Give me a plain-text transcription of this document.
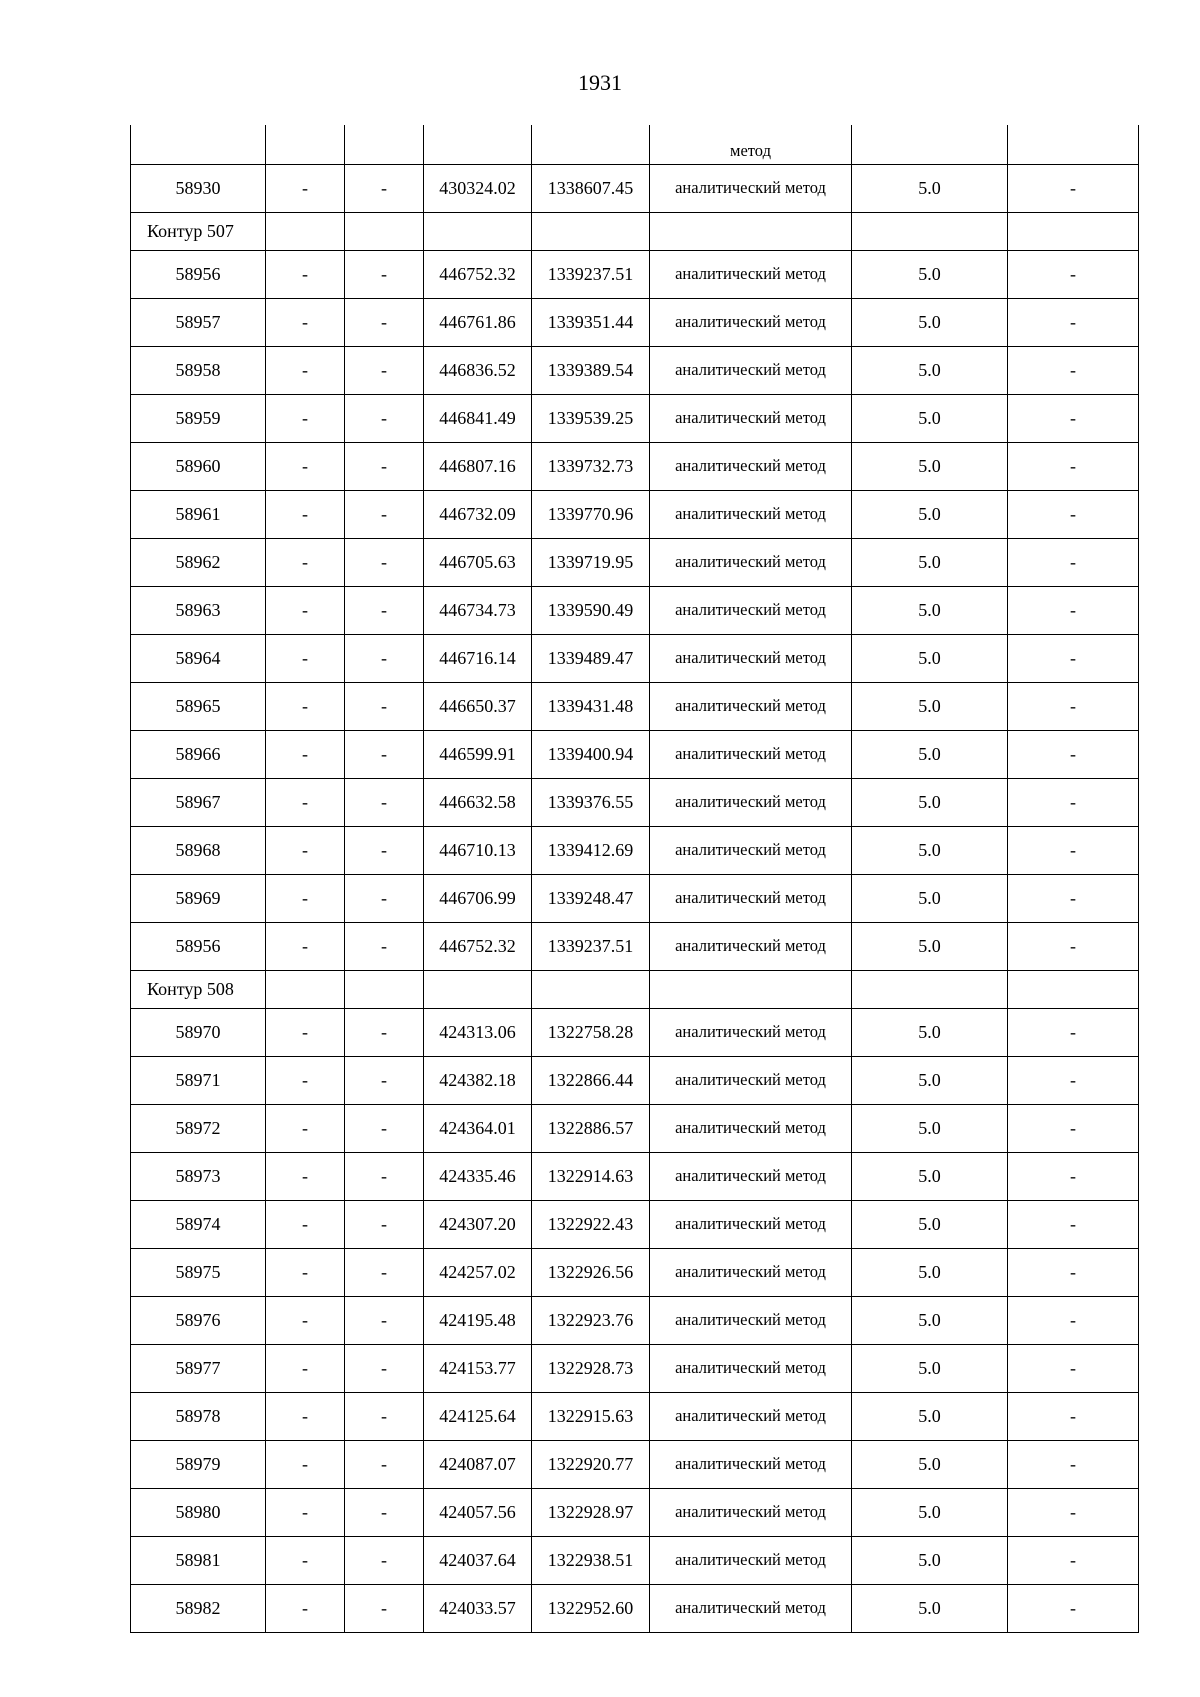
1931
					метод		
58930	-	-	430324.02	1338607.45	аналитический метод	5.0	-
Контур 507							
58956	-	-	446752.32	1339237.51	аналитический метод	5.0	-
58957	-	-	446761.86	1339351.44	аналитический метод	5.0	-
58958	-	-	446836.52	1339389.54	аналитический метод	5.0	-
58959	-	-	446841.49	1339539.25	аналитический метод	5.0	-
58960	-	-	446807.16	1339732.73	аналитический метод	5.0	-
58961	-	-	446732.09	1339770.96	аналитический метод	5.0	-
58962	-	-	446705.63	1339719.95	аналитический метод	5.0	-
58963	-	-	446734.73	1339590.49	аналитический метод	5.0	-
58964	-	-	446716.14	1339489.47	аналитический метод	5.0	-
58965	-	-	446650.37	1339431.48	аналитический метод	5.0	-
58966	-	-	446599.91	1339400.94	аналитический метод	5.0	-
58967	-	-	446632.58	1339376.55	аналитический метод	5.0	-
58968	-	-	446710.13	1339412.69	аналитический метод	5.0	-
58969	-	-	446706.99	1339248.47	аналитический метод	5.0	-
58956	-	-	446752.32	1339237.51	аналитический метод	5.0	-
Контур 508							
58970	-	-	424313.06	1322758.28	аналитический метод	5.0	-
58971	-	-	424382.18	1322866.44	аналитический метод	5.0	-
58972	-	-	424364.01	1322886.57	аналитический метод	5.0	-
58973	-	-	424335.46	1322914.63	аналитический метод	5.0	-
58974	-	-	424307.20	1322922.43	аналитический метод	5.0	-
58975	-	-	424257.02	1322926.56	аналитический метод	5.0	-
58976	-	-	424195.48	1322923.76	аналитический метод	5.0	-
58977	-	-	424153.77	1322928.73	аналитический метод	5.0	-
58978	-	-	424125.64	1322915.63	аналитический метод	5.0	-
58979	-	-	424087.07	1322920.77	аналитический метод	5.0	-
58980	-	-	424057.56	1322928.97	аналитический метод	5.0	-
58981	-	-	424037.64	1322938.51	аналитический метод	5.0	-
58982	-	-	424033.57	1322952.60	аналитический метод	5.0	-
